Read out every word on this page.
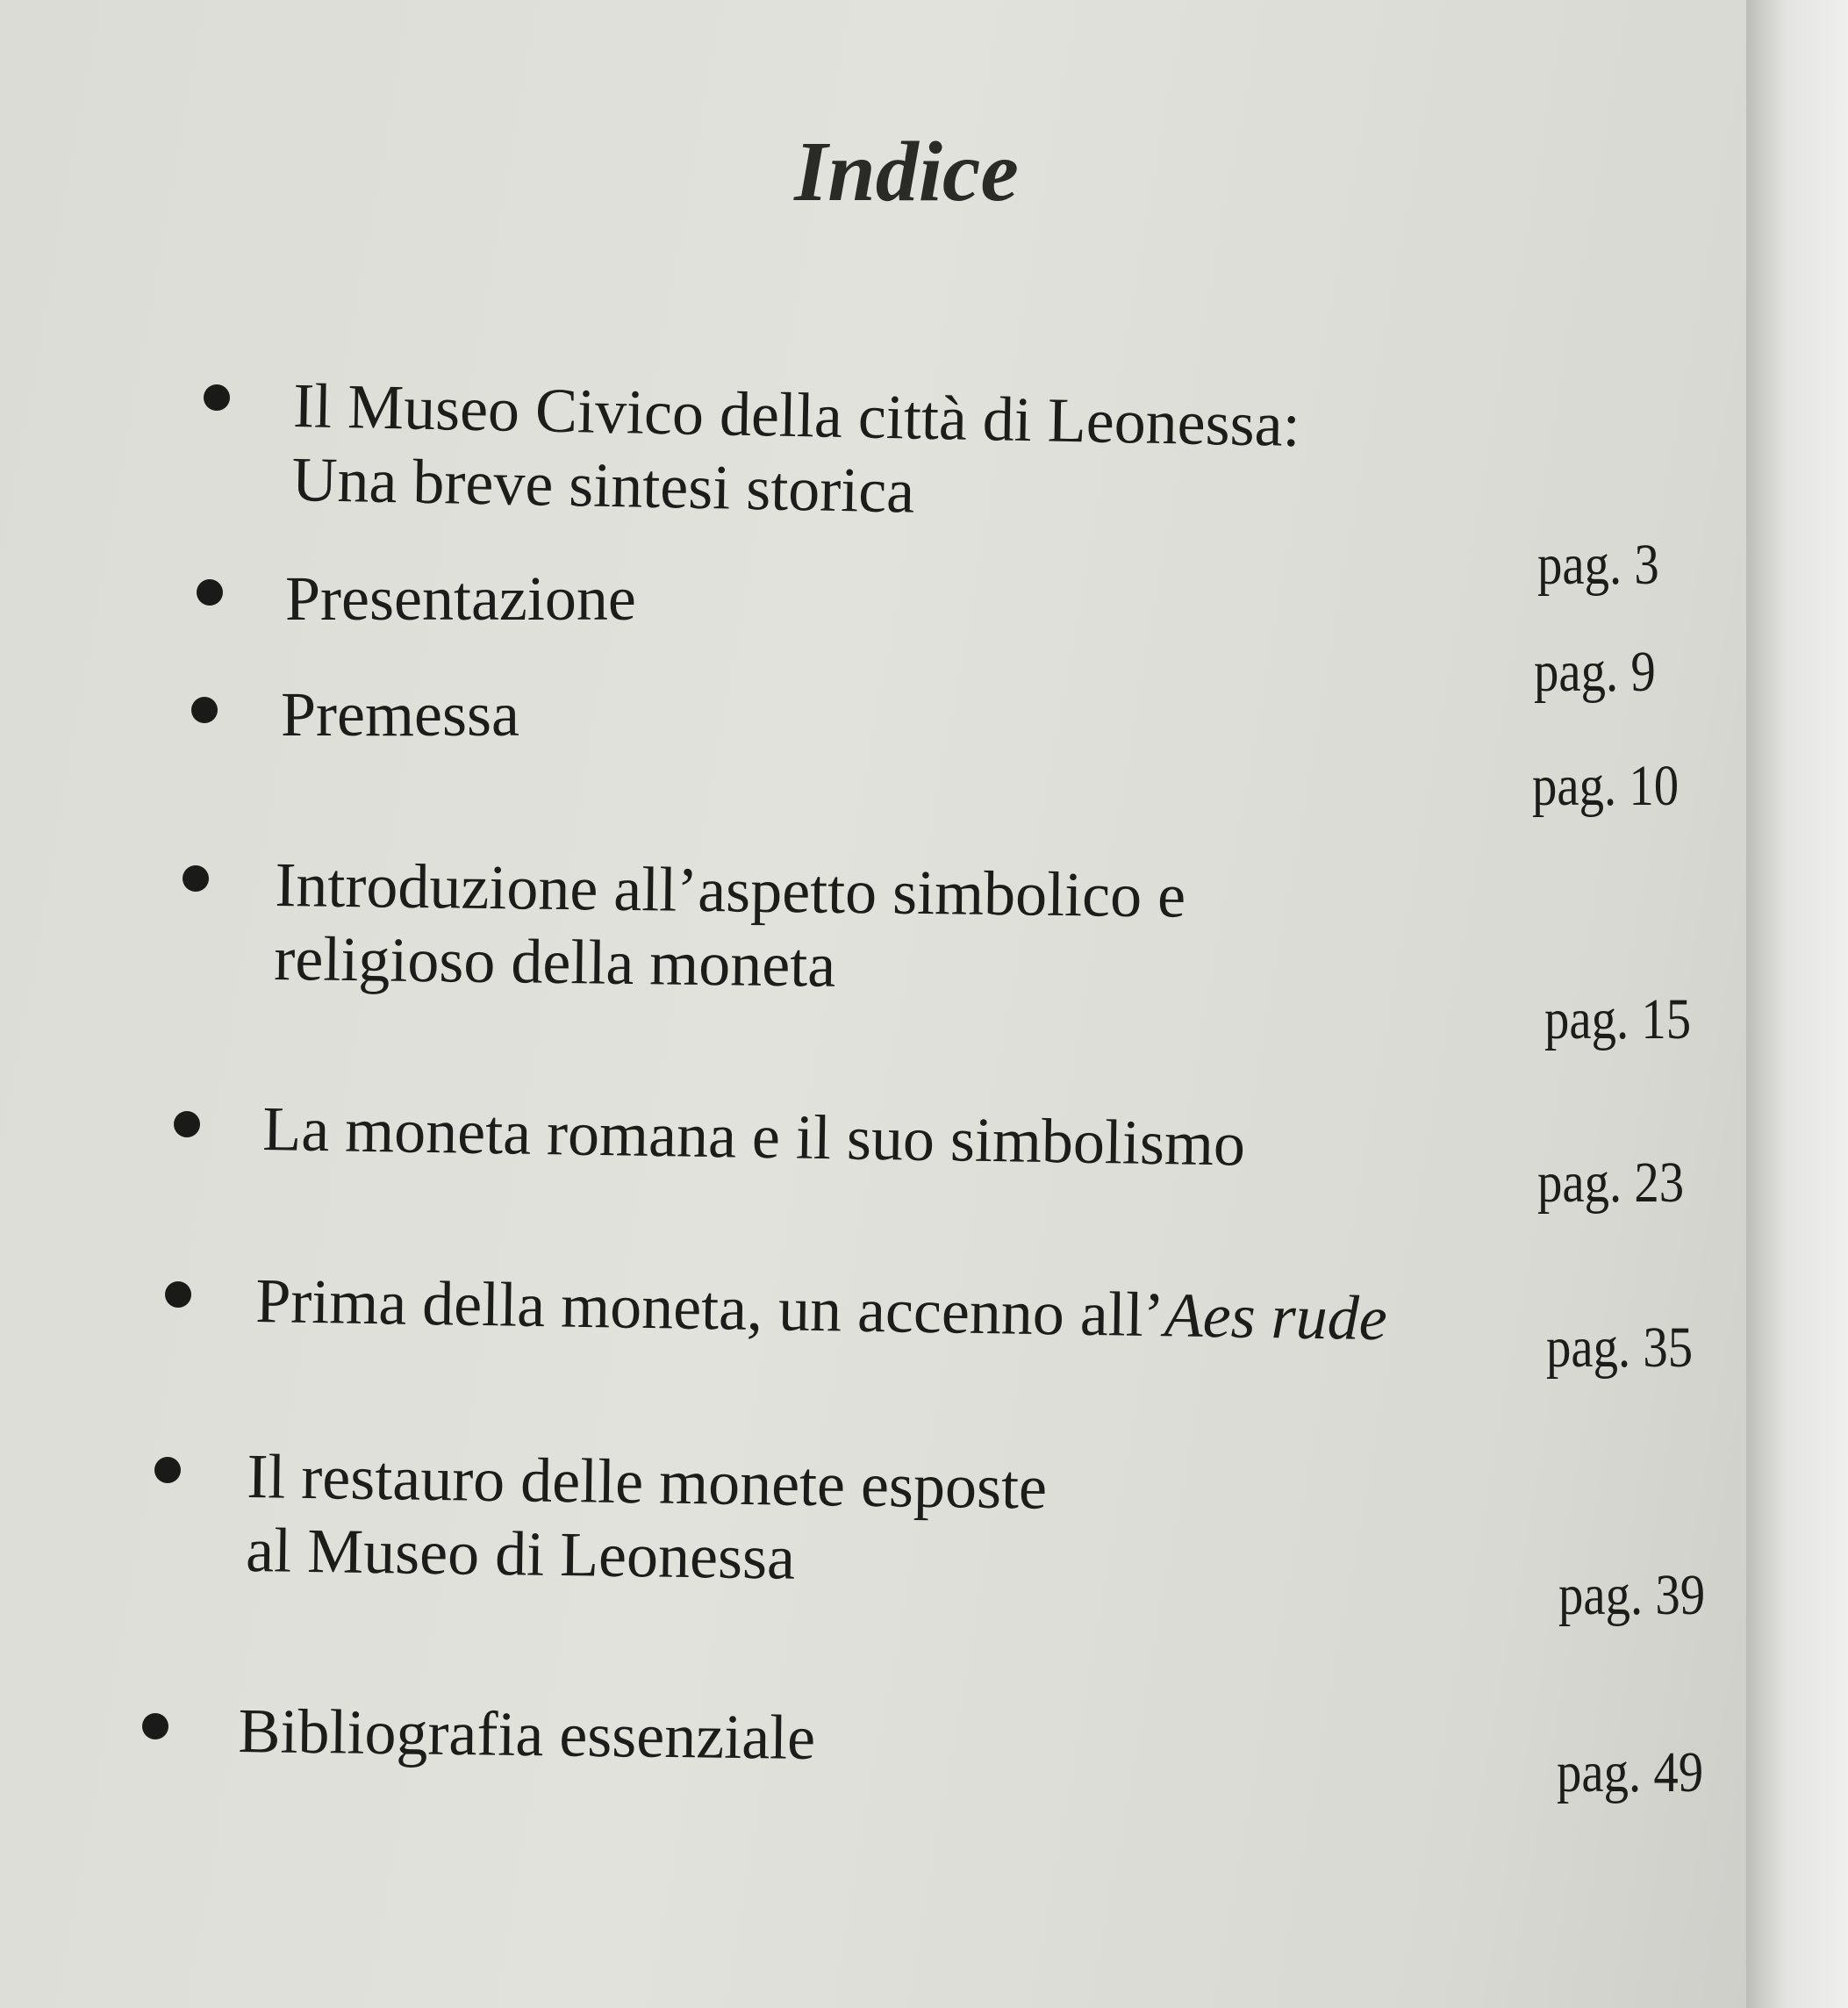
Indice
Il Museo Civico della città di Leonessa:
Una breve sintesi storica
pag. 3
Presentazione
pag. 9
Premessa
pag. 10
Introduzione all’aspetto simbolico e
religioso della moneta
pag. 15
La moneta romana e il suo simbolismo
pag. 23
Prima della moneta, un accenno all’Aes rude	pag. 35
Il restauro delle monete esposte
al Museo di Leonessa
pag. 39
Bibliografia essenziale	pag. 49
